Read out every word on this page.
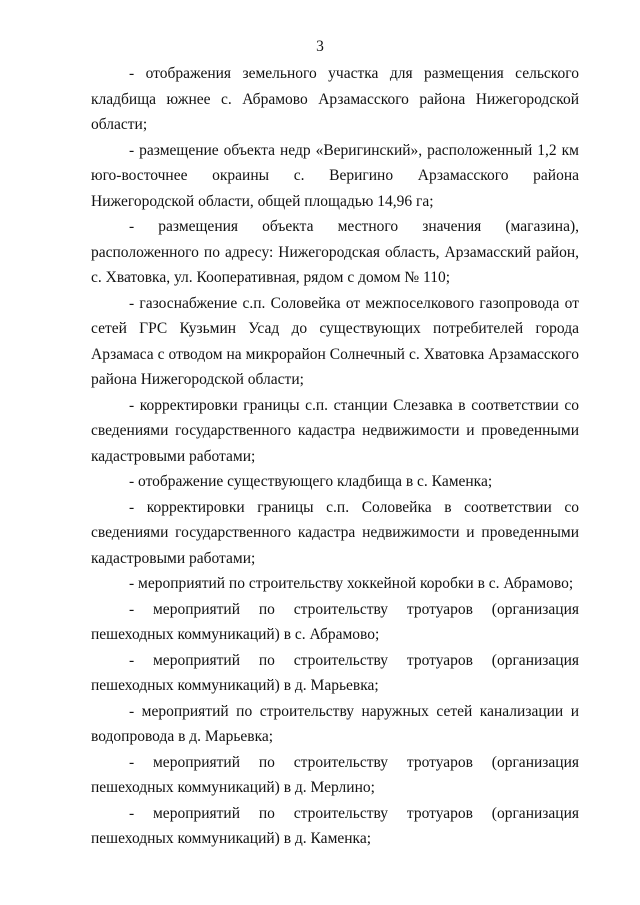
3

- отображения земельного участка для размещения сельского кладбища южнее с. Абрамово Арзамасского района Нижегородской области;

- размещение объекта недр «Веригинский», расположенный 1,2 км юго-восточнее окраины с. Веригино Арзамасского района Нижегородской области, общей площадью 14,96 га;

- размещения объекта местного значения (магазина), расположенного по адресу: Нижегородская область, Арзамасский район, с. Хватовка, ул. Кооперативная, рядом с домом № 110;

- газоснабжение с.п. Соловейка от межпоселкового газопровода от сетей ГРС Кузьмин Усад до существующих потребителей города Арзамаса с отводом на микрорайон Солнечный с. Хватовка Арзамасского района Нижегородской области;

- корректировки границы с.п. станции Слезавка в соответствии со сведениями государственного кадастра недвижимости и проведенными кадастровыми работами;

- отображение существующего кладбища в с. Каменка;

- корректировки границы с.п. Соловейка в соответствии со сведениями государственного кадастра недвижимости и проведенными кадастровыми работами;

- мероприятий по строительству хоккейной коробки в с. Абрамово;

- мероприятий по строительству тротуаров (организация пешеходных коммуникаций) в с. Абрамово;

- мероприятий по строительству тротуаров (организация пешеходных коммуникаций) в д. Марьевка;

- мероприятий по строительству наружных сетей канализации и водопровода в д. Марьевка;

- мероприятий по строительству тротуаров (организация пешеходных коммуникаций) в д. Мерлино;

- мероприятий по строительству тротуаров (организация пешеходных коммуникаций) в д. Каменка;
